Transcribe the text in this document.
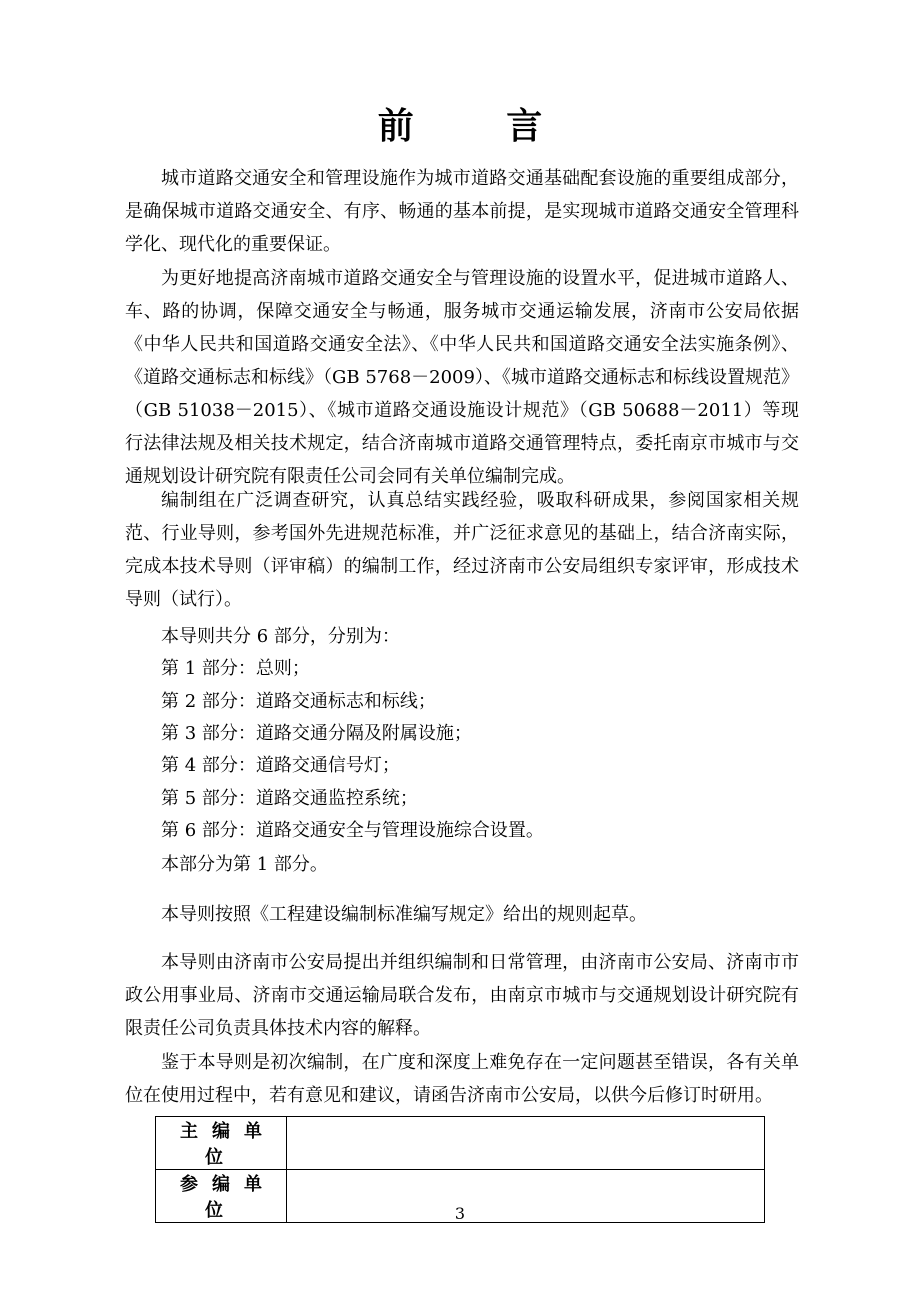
前 言

城市道路交通安全和管理设施作为城市道路交通基础配套设施的重要组成部分，是确保城市道路交通安全、有序、畅通的基本前提，是实现城市道路交通安全管理科学化、现代化的重要保证。

为更好地提高济南城市道路交通安全与管理设施的设置水平，促进城市道路人、车、路的协调，保障交通安全与畅通，服务城市交通运输发展，济南市公安局依据《中华人民共和国道路交通安全法》、《中华人民共和国道路交通安全法实施条例》、《道路交通标志和标线》（GB 5768－2009）、《城市道路交通标志和标线设置规范》（GB 51038－2015）、《城市道路交通设施设计规范》（GB 50688－2011）等现行法律法规及相关技术规定，结合济南城市道路交通管理特点，委托南京市城市与交通规划设计研究院有限责任公司会同有关单位编制完成。

编制组在广泛调查研究，认真总结实践经验，吸取科研成果，参阅国家相关规范、行业导则，参考国外先进规范标准，并广泛征求意见的基础上，结合济南实际，完成本技术导则（评审稿）的编制工作，经过济南市公安局组织专家评审，形成技术导则（试行）。

本导则共分 6 部分，分别为：

第 1 部分：总则；

第 2 部分：道路交通标志和标线；

第 3 部分：道路交通分隔及附属设施；

第 4 部分：道路交通信号灯；

第 5 部分：道路交通监控系统；

第 6 部分：道路交通安全与管理设施综合设置。

本部分为第 1 部分。

本导则按照《工程建设编制标准编写规定》给出的规则起草。

本导则由济南市公安局提出并组织编制和日常管理，由济南市公安局、济南市市政公用事业局、济南市交通运输局联合发布，由南京市城市与交通规划设计研究院有限责任公司负责具体技术内容的解释。

鉴于本导则是初次编制，在广度和深度上难免存在一定问题甚至错误，各有关单位在使用过程中，若有意见和建议，请函告济南市公安局，以供今后修订时研用。

主编单位	
参编单位		3
